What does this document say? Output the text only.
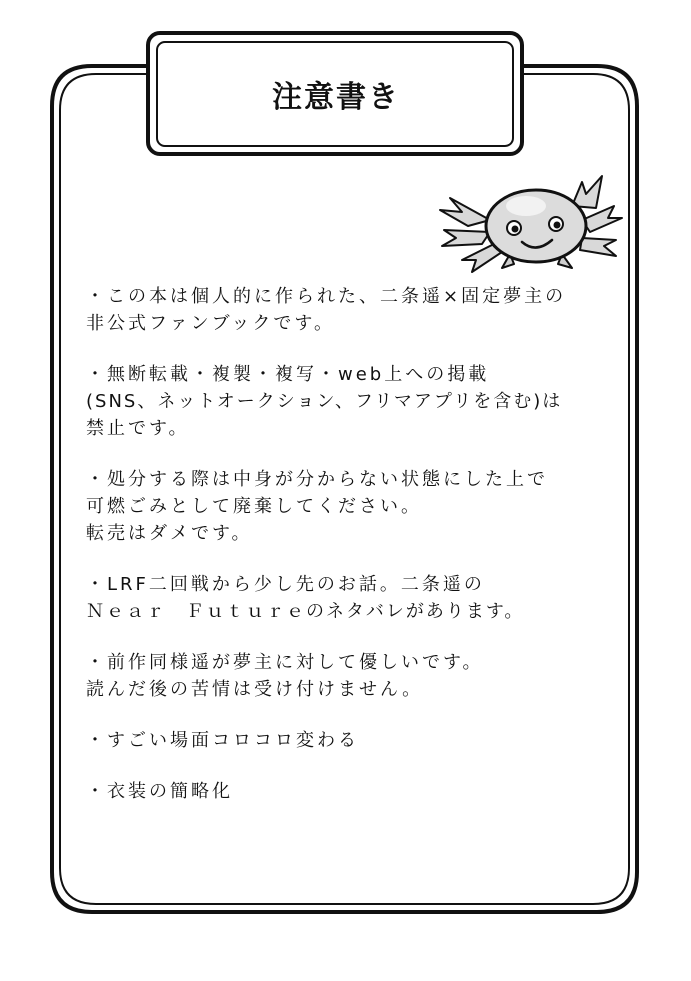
注意書き
・この本は個人的に作られた、二条遥×固定夢主の
非公式ファンブックです。
・無断転載・複製・複写・web上への掲載
(SNS、ネットオークション、フリマアプリを含む)は
禁止です。
・処分する際は中身が分からない状態にした上で
可燃ごみとして廃棄してください。
転売はダメです。
・LRF二回戦から少し先のお話。二条遥の
Ｎｅａｒ　Ｆｕｔｕｒｅのネタバレがあります。
・前作同様遥が夢主に対して優しいです。
読んだ後の苦情は受け付けません。
・すごい場面コロコロ変わる
・衣装の簡略化
